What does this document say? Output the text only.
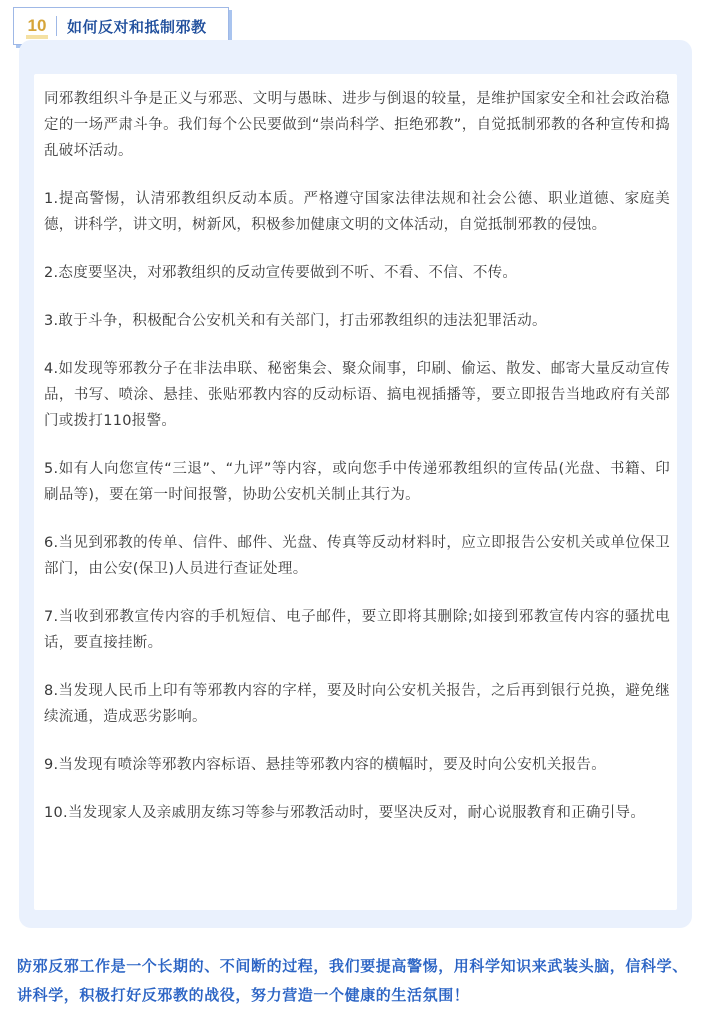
10	如何反对和抵制邪教

同邪教组织斗争是正义与邪恶、文明与愚昧、进步与倒退的较量，是维护国家安全和社会政治稳定的一场严肃斗争。我们每个公民要做到“崇尚科学、拒绝邪教”，自觉抵制邪教的各种宣传和捣乱破坏活动。

1.提高警惕，认清邪教组织反动本质。严格遵守国家法律法规和社会公德、职业道德、家庭美德，讲科学，讲文明，树新风，积极参加健康文明的文体活动，自觉抵制邪教的侵蚀。

2.态度要坚决，对邪教组织的反动宣传要做到不听、不看、不信、不传。

3.敢于斗争，积极配合公安机关和有关部门，打击邪教组织的违法犯罪活动。

4.如发现等邪教分子在非法串联、秘密集会、聚众闹事，印刷、偷运、散发、邮寄大量反动宣传品，书写、喷涂、悬挂、张贴邪教内容的反动标语、搞电视插播等，要立即报告当地政府有关部门或拨打110报警。

5.如有人向您宣传“三退”、“九评”等内容，或向您手中传递邪教组织的宣传品(光盘、书籍、印刷品等)，要在第一时间报警，协助公安机关制止其行为。

6.当见到邪教的传单、信件、邮件、光盘、传真等反动材料时，应立即报告公安机关或单位保卫部门，由公安(保卫)人员进行查证处理。

7.当收到邪教宣传内容的手机短信、电子邮件，要立即将其删除;如接到邪教宣传内容的骚扰电话，要直接挂断。

8.当发现人民币上印有等邪教内容的字样，要及时向公安机关报告，之后再到银行兑换，避免继续流通，造成恶劣影响。

9.当发现有喷涂等邪教内容标语、悬挂等邪教内容的横幅时，要及时向公安机关报告。

10.当发现家人及亲戚朋友练习等参与邪教活动时，要坚决反对，耐心说服教育和正确引导。

防邪反邪工作是一个长期的、不间断的过程，我们要提高警惕，用科学知识来武装头脑，信科学、讲科学，积极打好反邪教的战役，努力营造一个健康的生活氛围！
